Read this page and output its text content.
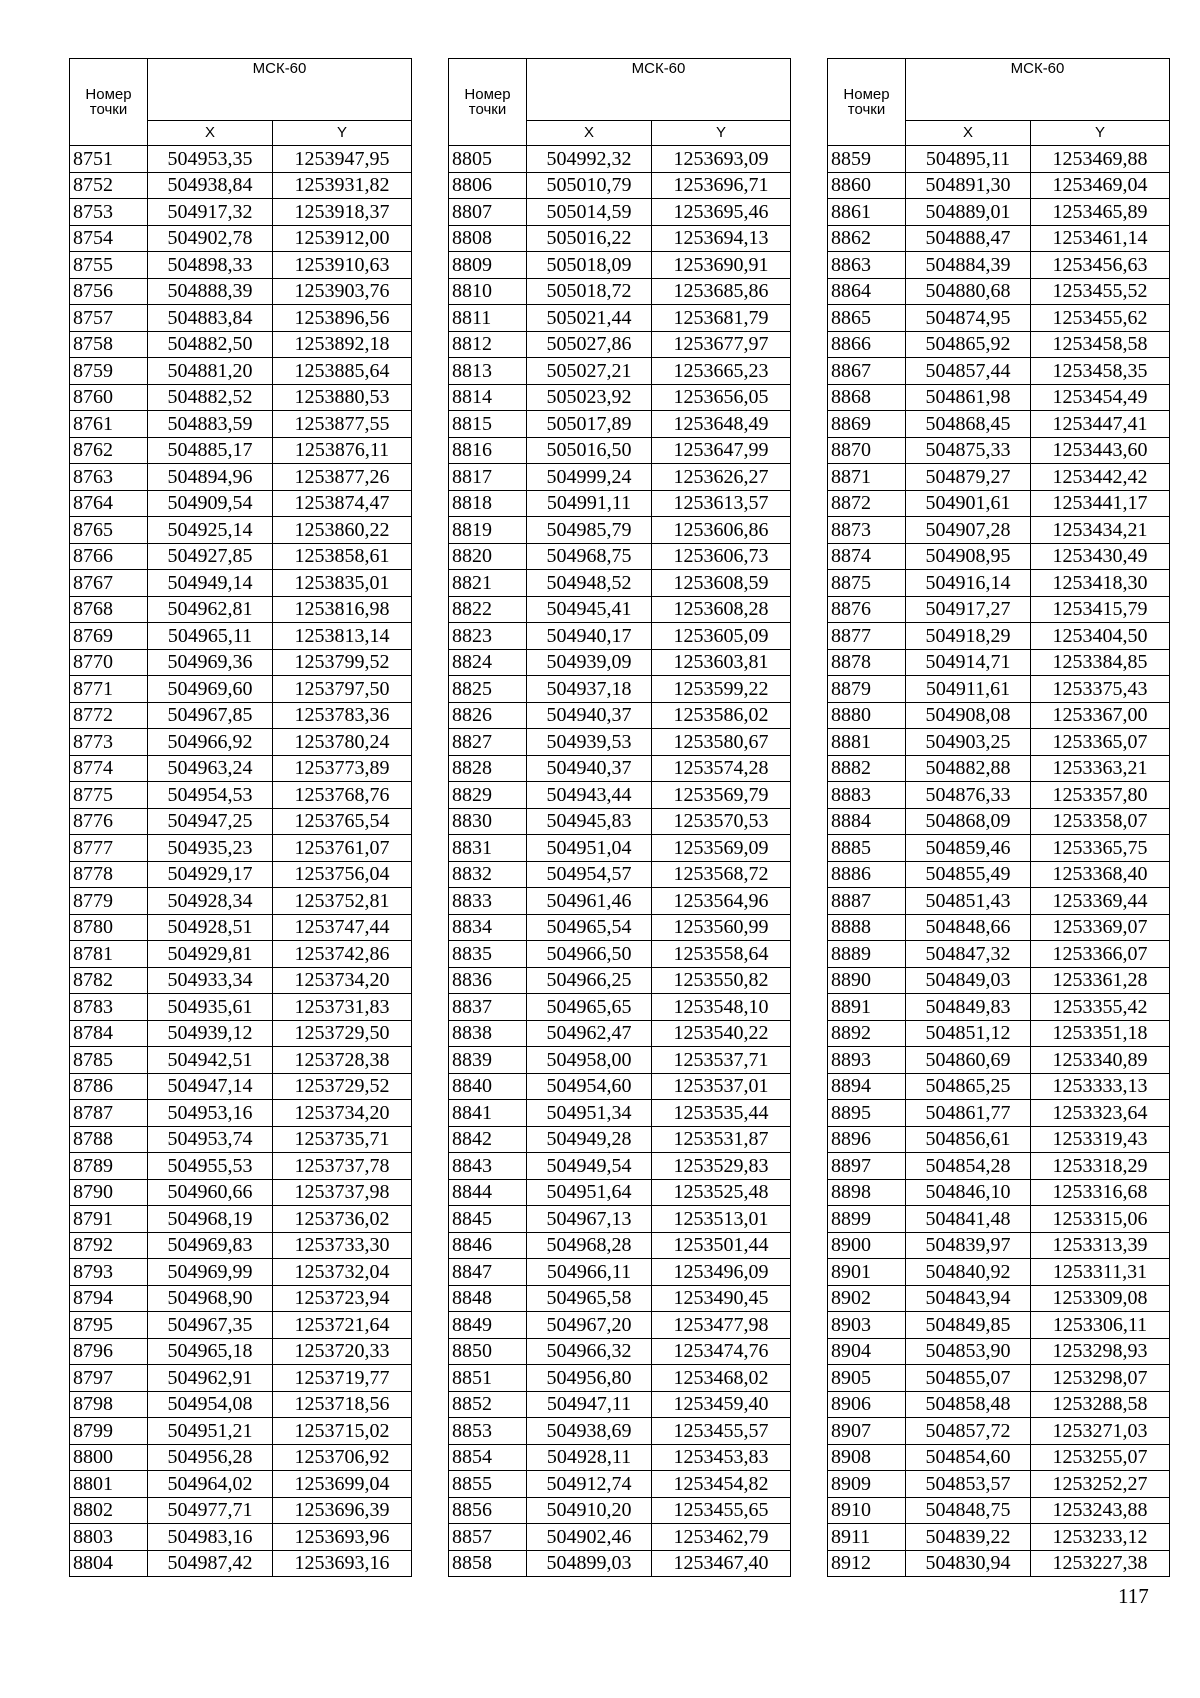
Номер точки	МСК-60	
	X	Y
8751	504953,35	1253947,95
8752	504938,84	1253931,82
8753	504917,32	1253918,37
8754	504902,78	1253912,00
8755	504898,33	1253910,63
8756	504888,39	1253903,76
8757	504883,84	1253896,56
8758	504882,50	1253892,18
8759	504881,20	1253885,64
8760	504882,52	1253880,53
8761	504883,59	1253877,55
8762	504885,17	1253876,11
8763	504894,96	1253877,26
8764	504909,54	1253874,47
8765	504925,14	1253860,22
8766	504927,85	1253858,61
8767	504949,14	1253835,01
8768	504962,81	1253816,98
8769	504965,11	1253813,14
8770	504969,36	1253799,52
8771	504969,60	1253797,50
8772	504967,85	1253783,36
8773	504966,92	1253780,24
8774	504963,24	1253773,89
8775	504954,53	1253768,76
8776	504947,25	1253765,54
8777	504935,23	1253761,07
8778	504929,17	1253756,04
8779	504928,34	1253752,81
8780	504928,51	1253747,44
8781	504929,81	1253742,86
8782	504933,34	1253734,20
8783	504935,61	1253731,83
8784	504939,12	1253729,50
8785	504942,51	1253728,38
8786	504947,14	1253729,52
8787	504953,16	1253734,20
8788	504953,74	1253735,71
8789	504955,53	1253737,78
8790	504960,66	1253737,98
8791	504968,19	1253736,02
8792	504969,83	1253733,30
8793	504969,99	1253732,04
8794	504968,90	1253723,94
8795	504967,35	1253721,64
8796	504965,18	1253720,33
8797	504962,91	1253719,77
8798	504954,08	1253718,56
8799	504951,21	1253715,02
8800	504956,28	1253706,92
8801	504964,02	1253699,04
8802	504977,71	1253696,39
8803	504983,16	1253693,96
8804	504987,42	1253693,16
Номер точки	МСК-60	
	X	Y
8805	504992,32	1253693,09
8806	505010,79	1253696,71
8807	505014,59	1253695,46
8808	505016,22	1253694,13
8809	505018,09	1253690,91
8810	505018,72	1253685,86
8811	505021,44	1253681,79
8812	505027,86	1253677,97
8813	505027,21	1253665,23
8814	505023,92	1253656,05
8815	505017,89	1253648,49
8816	505016,50	1253647,99
8817	504999,24	1253626,27
8818	504991,11	1253613,57
8819	504985,79	1253606,86
8820	504968,75	1253606,73
8821	504948,52	1253608,59
8822	504945,41	1253608,28
8823	504940,17	1253605,09
8824	504939,09	1253603,81
8825	504937,18	1253599,22
8826	504940,37	1253586,02
8827	504939,53	1253580,67
8828	504940,37	1253574,28
8829	504943,44	1253569,79
8830	504945,83	1253570,53
8831	504951,04	1253569,09
8832	504954,57	1253568,72
8833	504961,46	1253564,96
8834	504965,54	1253560,99
8835	504966,50	1253558,64
8836	504966,25	1253550,82
8837	504965,65	1253548,10
8838	504962,47	1253540,22
8839	504958,00	1253537,71
8840	504954,60	1253537,01
8841	504951,34	1253535,44
8842	504949,28	1253531,87
8843	504949,54	1253529,83
8844	504951,64	1253525,48
8845	504967,13	1253513,01
8846	504968,28	1253501,44
8847	504966,11	1253496,09
8848	504965,58	1253490,45
8849	504967,20	1253477,98
8850	504966,32	1253474,76
8851	504956,80	1253468,02
8852	504947,11	1253459,40
8853	504938,69	1253455,57
8854	504928,11	1253453,83
8855	504912,74	1253454,82
8856	504910,20	1253455,65
8857	504902,46	1253462,79
8858	504899,03	1253467,40
Номер точки	МСК-60	
	X	Y
8859	504895,11	1253469,88
8860	504891,30	1253469,04
8861	504889,01	1253465,89
8862	504888,47	1253461,14
8863	504884,39	1253456,63
8864	504880,68	1253455,52
8865	504874,95	1253455,62
8866	504865,92	1253458,58
8867	504857,44	1253458,35
8868	504861,98	1253454,49
8869	504868,45	1253447,41
8870	504875,33	1253443,60
8871	504879,27	1253442,42
8872	504901,61	1253441,17
8873	504907,28	1253434,21
8874	504908,95	1253430,49
8875	504916,14	1253418,30
8876	504917,27	1253415,79
8877	504918,29	1253404,50
8878	504914,71	1253384,85
8879	504911,61	1253375,43
8880	504908,08	1253367,00
8881	504903,25	1253365,07
8882	504882,88	1253363,21
8883	504876,33	1253357,80
8884	504868,09	1253358,07
8885	504859,46	1253365,75
8886	504855,49	1253368,40
8887	504851,43	1253369,44
8888	504848,66	1253369,07
8889	504847,32	1253366,07
8890	504849,03	1253361,28
8891	504849,83	1253355,42
8892	504851,12	1253351,18
8893	504860,69	1253340,89
8894	504865,25	1253333,13
8895	504861,77	1253323,64
8896	504856,61	1253319,43
8897	504854,28	1253318,29
8898	504846,10	1253316,68
8899	504841,48	1253315,06
8900	504839,97	1253313,39
8901	504840,92	1253311,31
8902	504843,94	1253309,08
8903	504849,85	1253306,11
8904	504853,90	1253298,93
8905	504855,07	1253298,07
8906	504858,48	1253288,58
8907	504857,72	1253271,03
8908	504854,60	1253255,07
8909	504853,57	1253252,27
8910	504848,75	1253243,88
8911	504839,22	1253233,12
8912	504830,94	1253227,38
117
